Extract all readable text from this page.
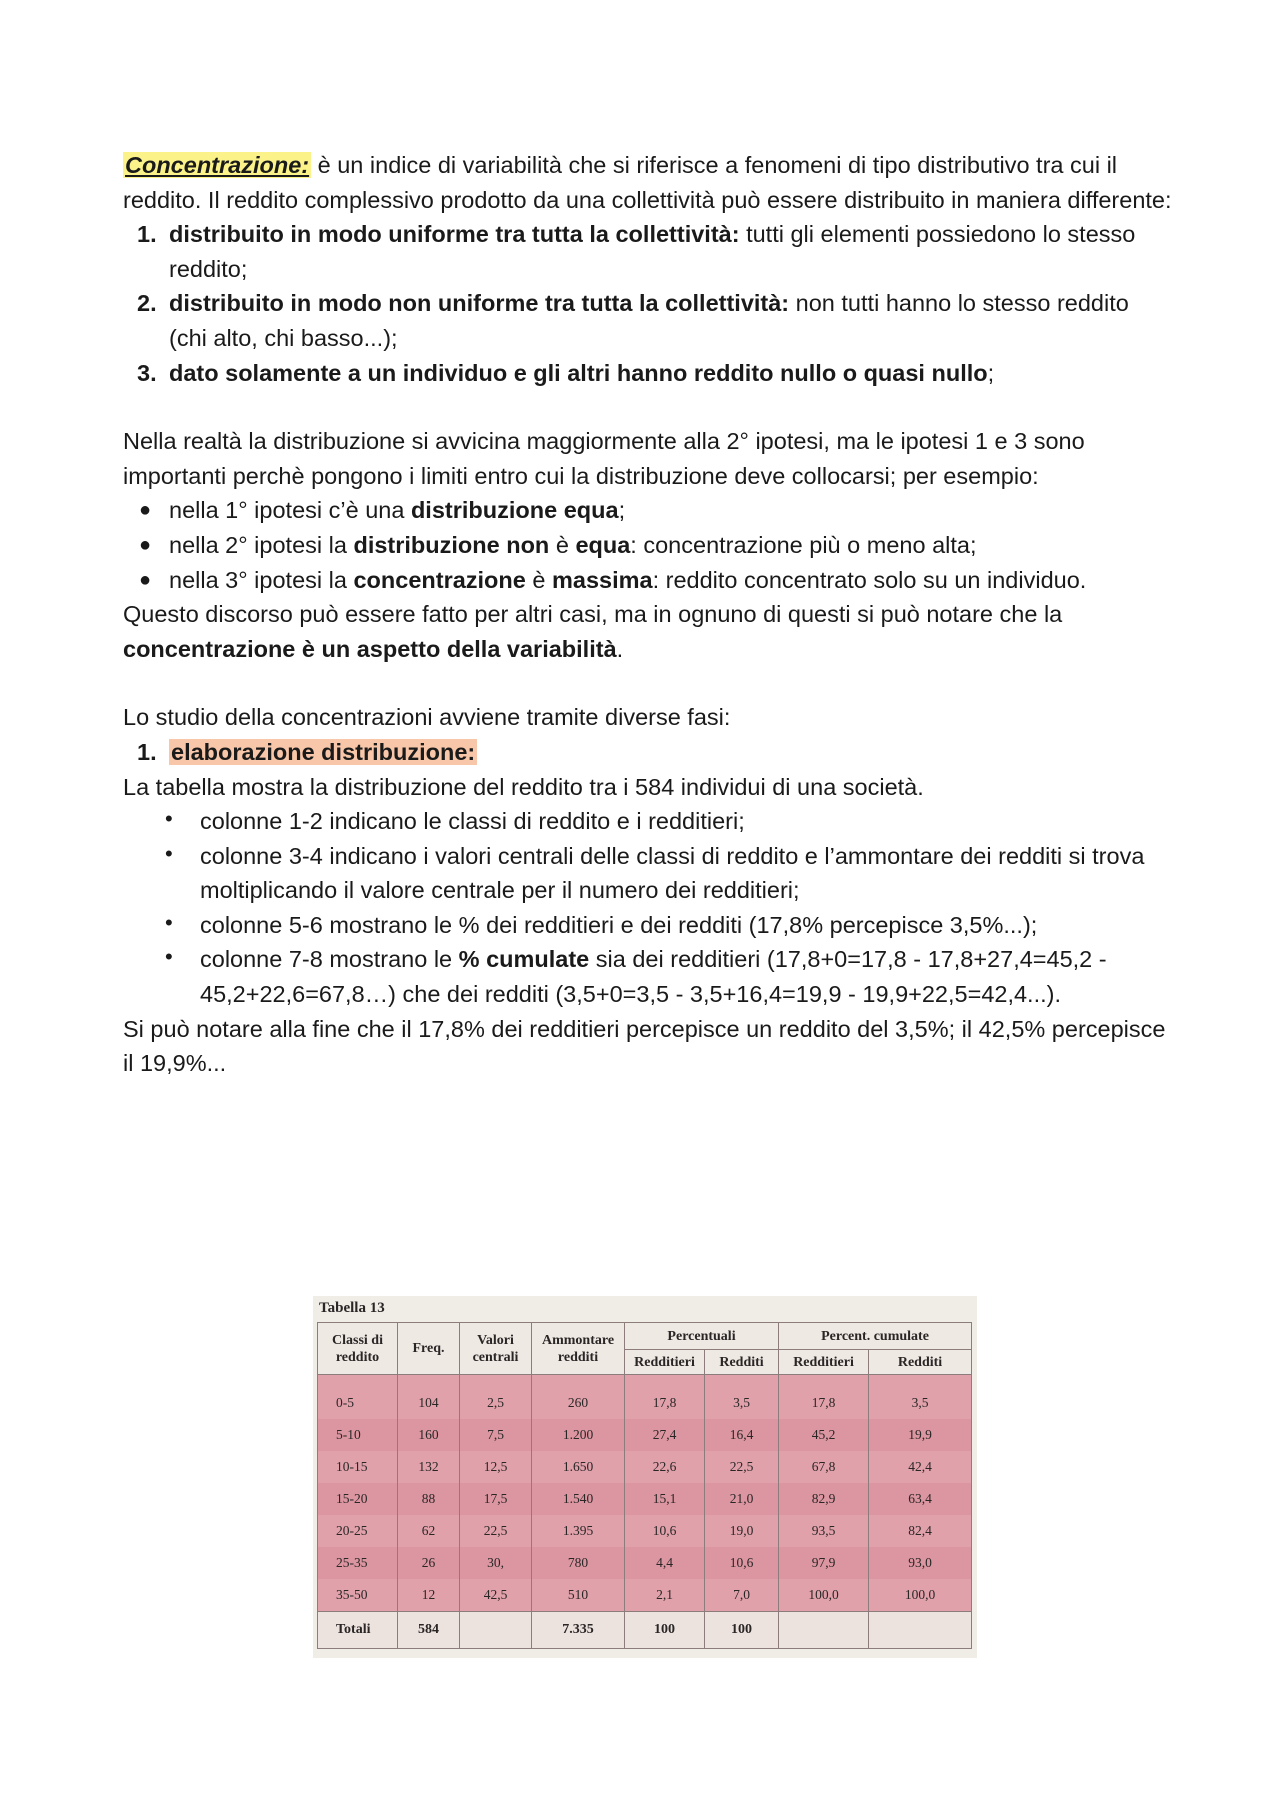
Concentrazione: è un indice di variabilità che si riferisce a fenomeni di tipo distributivo tra cui il reddito. Il reddito complessivo prodotto da una collettività può essere distribuito in maniera differente:

1. distribuito in modo uniforme tra tutta la collettività: tutti gli elementi possiedono lo stesso reddito;
2. distribuito in modo non uniforme tra tutta la collettività: non tutti hanno lo stesso reddito (chi alto, chi basso...);
3. dato solamente a un individuo e gli altri hanno reddito nullo o quasi nullo;

Nella realtà la distribuzione si avvicina maggiormente alla 2° ipotesi, ma le ipotesi 1 e 3 sono importanti perchè pongono i limiti entro cui la distribuzione deve collocarsi; per esempio:

● nella 1° ipotesi c’è una distribuzione equa;
● nella 2° ipotesi la distribuzione non è equa: concentrazione più o meno alta;
● nella 3° ipotesi la concentrazione è massima: reddito concentrato solo su un individuo.

Questo discorso può essere fatto per altri casi, ma in ognuno di questi si può notare che la concentrazione è un aspetto della variabilità.

Lo studio della concentrazioni avviene tramite diverse fasi:

1. elaborazione distribuzione:

La tabella mostra la distribuzione del reddito tra i 584 individui di una società.

• colonne 1-2 indicano le classi di reddito e i redditieri;
• colonne 3-4 indicano i valori centrali delle classi di reddito e l’ammontare dei redditi si trova moltiplicando il valore centrale per il numero dei redditieri;
• colonne 5-6 mostrano le % dei redditieri e dei redditi (17,8% percepisce 3,5%...);
• colonne 7-8 mostrano le % cumulate sia dei redditieri (17,8+0=17,8 - 17,8+27,4=45,2 - 45,2+22,6=67,8…) che dei redditi (3,5+0=3,5 - 3,5+16,4=19,9 - 19,9+22,5=42,4...).

Si può notare alla fine che il 17,8% dei redditieri percepisce un reddito del 3,5%; il 42,5% percepisce il 19,9%...

Tabella 13
Classi di reddito	Freq.	Valori centrali	Ammontare redditi	Percentuali		Percent. cumulate	
				Redditieri	Redditi	Redditieri	Redditi
0-5	104	2,5	260	17,8	3,5	17,8	3,5
5-10	160	7,5	1.200	27,4	16,4	45,2	19,9
10-15	132	12,5	1.650	22,6	22,5	67,8	42,4
15-20	88	17,5	1.540	15,1	21,0	82,9	63,4
20-25	62	22,5	1.395	10,6	19,0	93,5	82,4
25-35	26	30,	780	4,4	10,6	97,9	93,0
35-50	12	42,5	510	2,1	7,0	100,0	100,0
Totali	584		7.335	100	100		
